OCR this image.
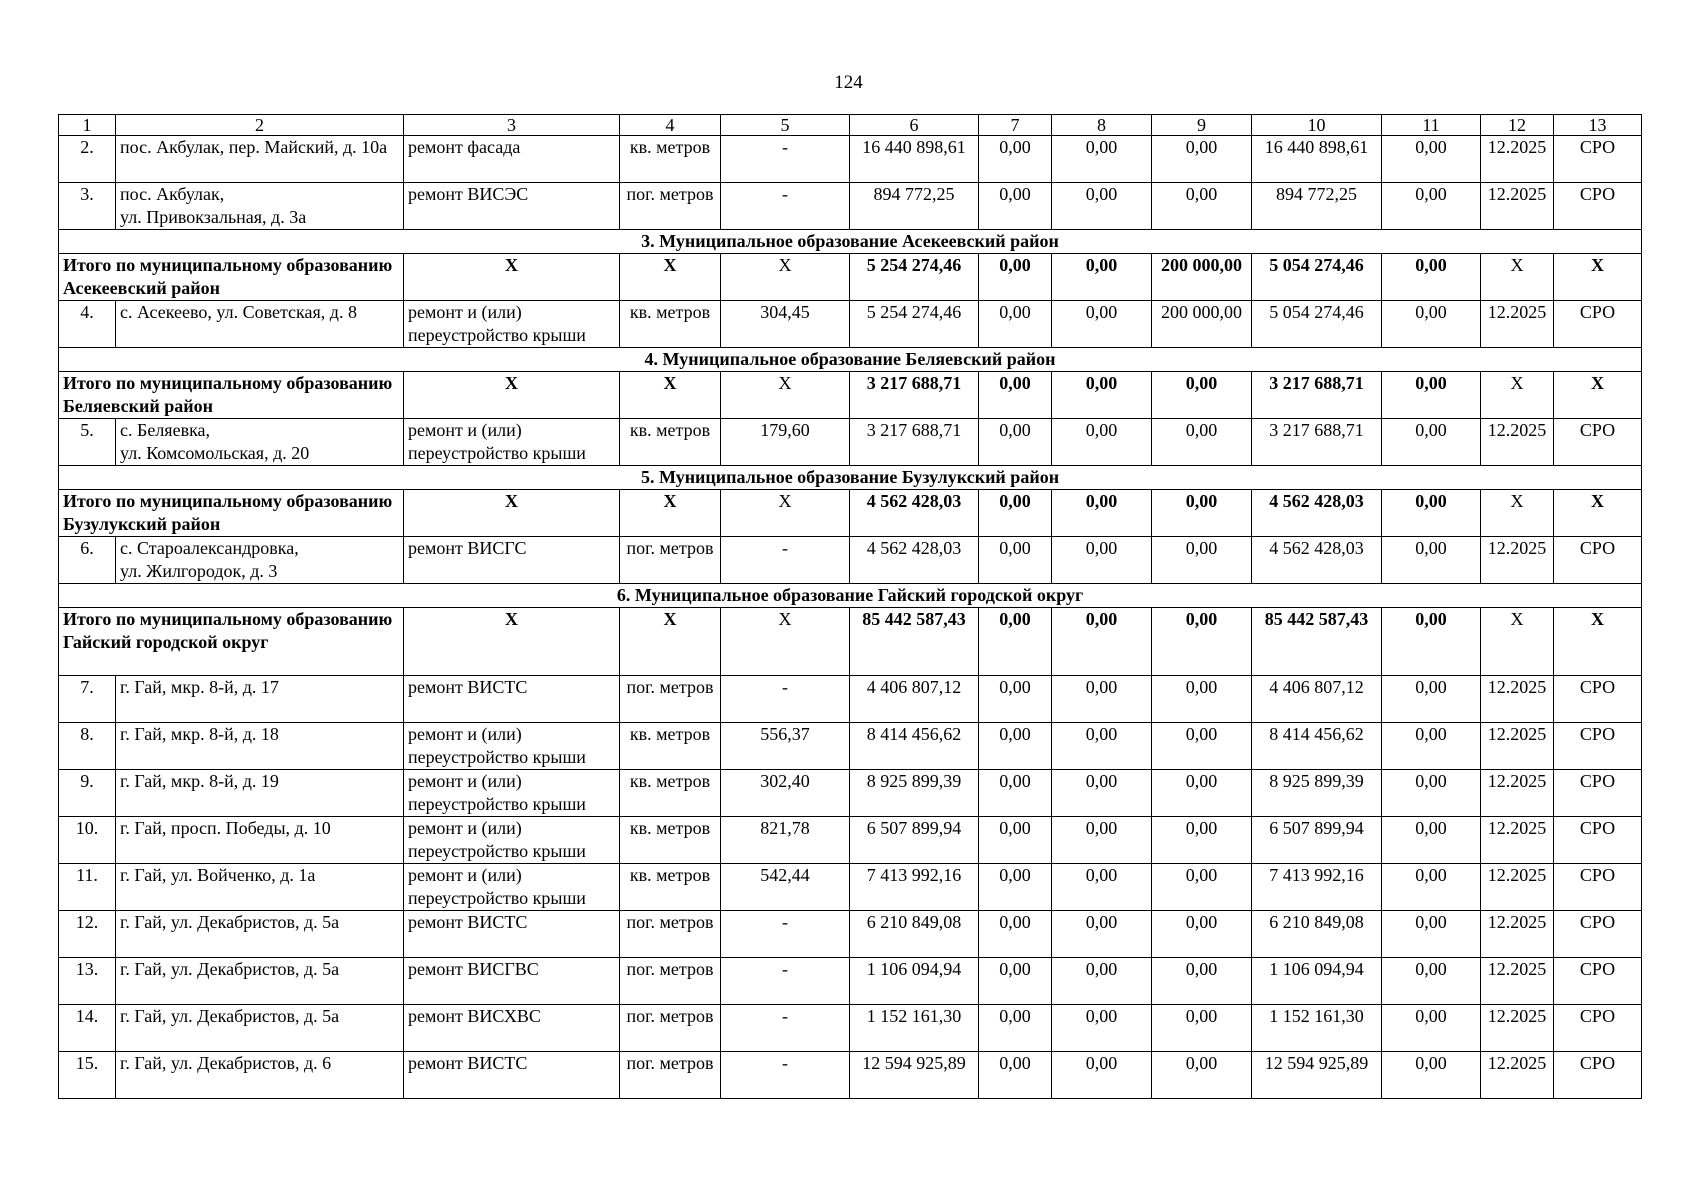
124
1	2	3	4	5	6	7	8	9	10	11	12	13
2.	пос. Акбулак, пер. Майский, д. 10а	ремонт фасада	кв. метров	-	16 440 898,61	0,00	0,00	0,00	16 440 898,61	0,00	12.2025	СРО
3.	пос. Акбулак,
ул. Привокзальная, д. 3а	ремонт ВИСЭС	пог. метров	-	894 772,25	0,00	0,00	0,00	894 772,25	0,00	12.2025	СРО
3. Муниципальное образование Асекеевский район												
Итого по муниципальному образованию Асекеевский район		X	X	X	5 254 274,46	0,00	0,00	200 000,00	5 054 274,46	0,00	X	X
4.	с. Асекеево, ул. Советская, д. 8	ремонт и (или)
переустройство крыши	кв. метров	304,45	5 254 274,46	0,00	0,00	200 000,00	5 054 274,46	0,00	12.2025	СРО
4. Муниципальное образование Беляевский район												
Итого по муниципальному образованию Беляевский район		X	X	X	3 217 688,71	0,00	0,00	0,00	3 217 688,71	0,00	X	X
5.	с. Беляевка,
ул. Комсомольская, д. 20	ремонт и (или)
переустройство крыши	кв. метров	179,60	3 217 688,71	0,00	0,00	0,00	3 217 688,71	0,00	12.2025	СРО
5. Муниципальное образование Бузулукский район												
Итого по муниципальному образованию Бузулукский район		X	X	X	4 562 428,03	0,00	0,00	0,00	4 562 428,03	0,00	X	X
6.	с. Староалександровка,
ул. Жилгородок, д. 3	ремонт ВИСГС	пог. метров	-	4 562 428,03	0,00	0,00	0,00	4 562 428,03	0,00	12.2025	СРО
6. Муниципальное образование Гайский городской округ												
Итого по муниципальному образованию Гайский городской округ		X	X	X	85 442 587,43	0,00	0,00	0,00	85 442 587,43	0,00	X	X
7.	г. Гай, мкр. 8-й, д. 17	ремонт ВИСТС	пог. метров	-	4 406 807,12	0,00	0,00	0,00	4 406 807,12	0,00	12.2025	СРО
8.	г. Гай, мкр. 8-й, д. 18	ремонт и (или)
переустройство крыши	кв. метров	556,37	8 414 456,62	0,00	0,00	0,00	8 414 456,62	0,00	12.2025	СРО
9.	г. Гай, мкр. 8-й, д. 19	ремонт и (или)
переустройство крыши	кв. метров	302,40	8 925 899,39	0,00	0,00	0,00	8 925 899,39	0,00	12.2025	СРО
10.	г. Гай, просп. Победы, д. 10	ремонт и (или)
переустройство крыши	кв. метров	821,78	6 507 899,94	0,00	0,00	0,00	6 507 899,94	0,00	12.2025	СРО
11.	г. Гай, ул. Войченко, д. 1а	ремонт и (или)
переустройство крыши	кв. метров	542,44	7 413 992,16	0,00	0,00	0,00	7 413 992,16	0,00	12.2025	СРО
12.	г. Гай, ул. Декабристов, д. 5а	ремонт ВИСТС	пог. метров	-	6 210 849,08	0,00	0,00	0,00	6 210 849,08	0,00	12.2025	СРО
13.	г. Гай, ул. Декабристов, д. 5а	ремонт ВИСГВС	пог. метров	-	1 106 094,94	0,00	0,00	0,00	1 106 094,94	0,00	12.2025	СРО
14.	г. Гай, ул. Декабристов, д. 5а	ремонт ВИСХВС	пог. метров	-	1 152 161,30	0,00	0,00	0,00	1 152 161,30	0,00	12.2025	СРО
15.	г. Гай, ул. Декабристов, д. 6	ремонт ВИСТС	пог. метров	-	12 594 925,89	0,00	0,00	0,00	12 594 925,89	0,00	12.2025	СРО
